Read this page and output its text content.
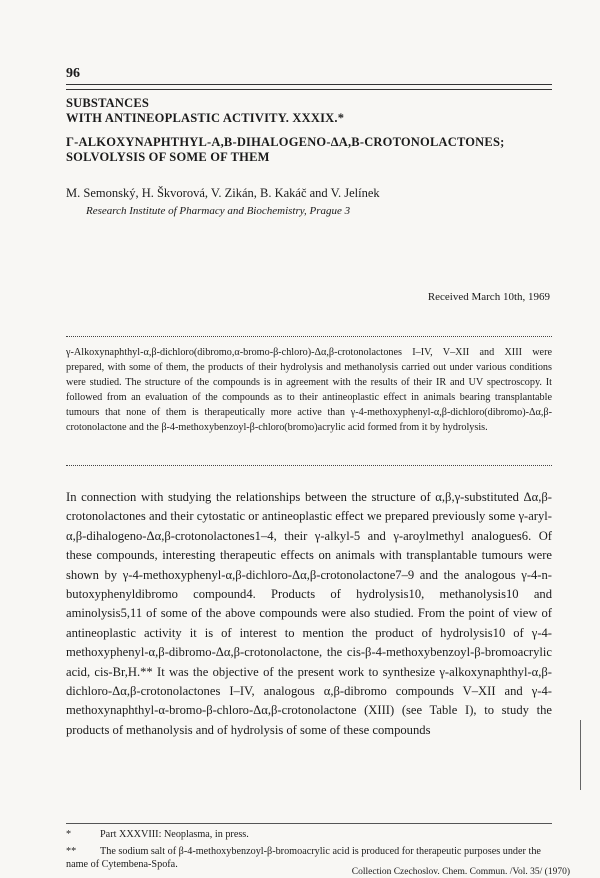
96
SUBSTANCES
WITH ANTINEOPLASTIC ACTIVITY. XXXIX.*
Γ-ALKOXYNAPHTHYL-Α,Β-DIHALOGENO-ΔΑ,Β-CROTONOLACTONES;
SOLVOLYSIS OF SOME OF THEM
M. Semonský, H. Škvorová, V. Zikán, B. Kakáč and V. Jelínek
Research Institute of Pharmacy and Biochemistry, Prague 3
Received March 10th, 1969
γ-Alkoxynaphthyl-α,β-dichloro(dibromo,α-bromo-β-chloro)-Δα,β-crotonolactones I–IV, V–XII and XIII were prepared, with some of them, the products of their hydrolysis and methanolysis carried out under various conditions were studied. The structure of the compounds is in agreement with the results of their IR and UV spectroscopy. It followed from an evaluation of the compounds as to their antineoplastic effect in animals bearing transplantable tumours that none of them is therapeutically more active than γ-4-methoxyphenyl-α,β-dichloro(dibromo)-Δα,β-crotonolactone and the β-4-methoxybenzoyl-β-chloro(bromo)acrylic acid formed from it by hydrolysis.
In connection with studying the relationships between the structure of α,β,γ-substituted Δα,β-crotonolactones and their cytostatic or antineoplastic effect we prepared previously some γ-aryl-α,β-dihalogeno-Δα,β-crotonolactones1–4, their γ-alkyl-5 and γ-aroylmethyl analogues6. Of these compounds, interesting therapeutic effects on animals with transplantable tumours were shown by γ-4-methoxyphenyl-α,β-dichloro-Δα,β-crotonolactone7–9 and the analogous γ-4-n-butoxyphenyldibromo compound4. Products of hydrolysis10, methanolysis10 and aminolysis5,11 of some of the above compounds were also studied. From the point of view of antineoplastic activity it is of interest to mention the product of hydrolysis10 of γ-4-methoxyphenyl-α,β-dibromo-Δα,β-crotonolactone, the cis-β-4-methoxybenzoyl-β-bromoacrylic acid, cis-Br,H.** It was the objective of the present work to synthesize γ-alkoxynaphthyl-α,β-dichloro-Δα,β-crotonolactones I–IV, analogous α,β-dibromo compounds V–XII and γ-4-methoxynaphthyl-α-bromo-β-chloro-Δα,β-crotonolactone (XIII) (see Table I), to study the products of methanolysis and of hydrolysis of some of these compounds
*	Part XXXVIII: Neoplasma, in press.
** The sodium salt of β-4-methoxybenzoyl-β-bromoacrylic acid is produced for therapeutic purposes under the name of Cytembena-Spofa.
Collection Czechoslov. Chem. Commun. /Vol. 35/ (1970)
